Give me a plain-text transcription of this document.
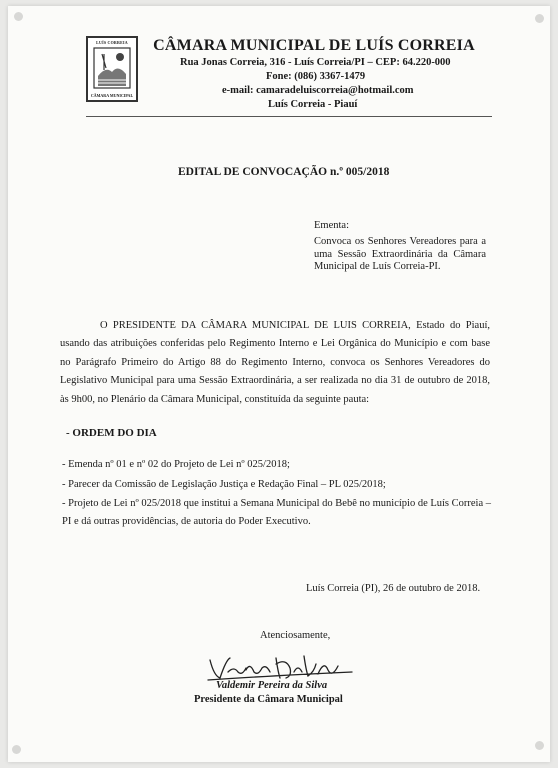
LUÍS CORREIA
CÂMARA MUNICIPAL
CÂMARA MUNICIPAL DE LUÍS CORREIA
Rua Jonas Correia, 316 - Luís Correia/PI – CEP: 64.220-000
Fone: (086) 3367-1479
e-mail: camaradeluiscorreia@hotmail.com
Luís Correia - Piauí
EDITAL DE CONVOCAÇÃO n.º 005/2018
Ementa:
Convoca os Senhores Vereadores para a uma Sessão Extraordinária da Câmara Municipal de Luís Correia-PI.
O PRESIDENTE DA CÂMARA MUNICIPAL DE LUIS CORREIA, Estado do Piauí, usando das atribuições conferidas pelo Regimento Interno e Lei Orgânica do Município e com base no Parágrafo Primeiro do Artigo 88 do Regimento Interno, convoca os Senhores Vereadores do Legislativo Municipal para uma Sessão Extraordinária, a ser realizada no dia 31 de outubro de 2018, às 9h00, no Plenário da Câmara Municipal, constituída da seguinte pauta:
- ORDEM DO DIA
- Emenda nº 01 e nº 02 do Projeto de Lei nº 025/2018;
- Parecer da Comissão de Legislação Justiça e Redação Final – PL 025/2018;
- Projeto de Lei nº 025/2018 que institui a Semana Municipal do Bebê no município de Luís Correia – PI e dá outras providências, de autoria do Poder Executivo.
Luís Correia (PI), 26 de outubro de 2018.
Atenciosamente,
Valdemir Pereira da Silva
Presidente da Câmara Municipal
